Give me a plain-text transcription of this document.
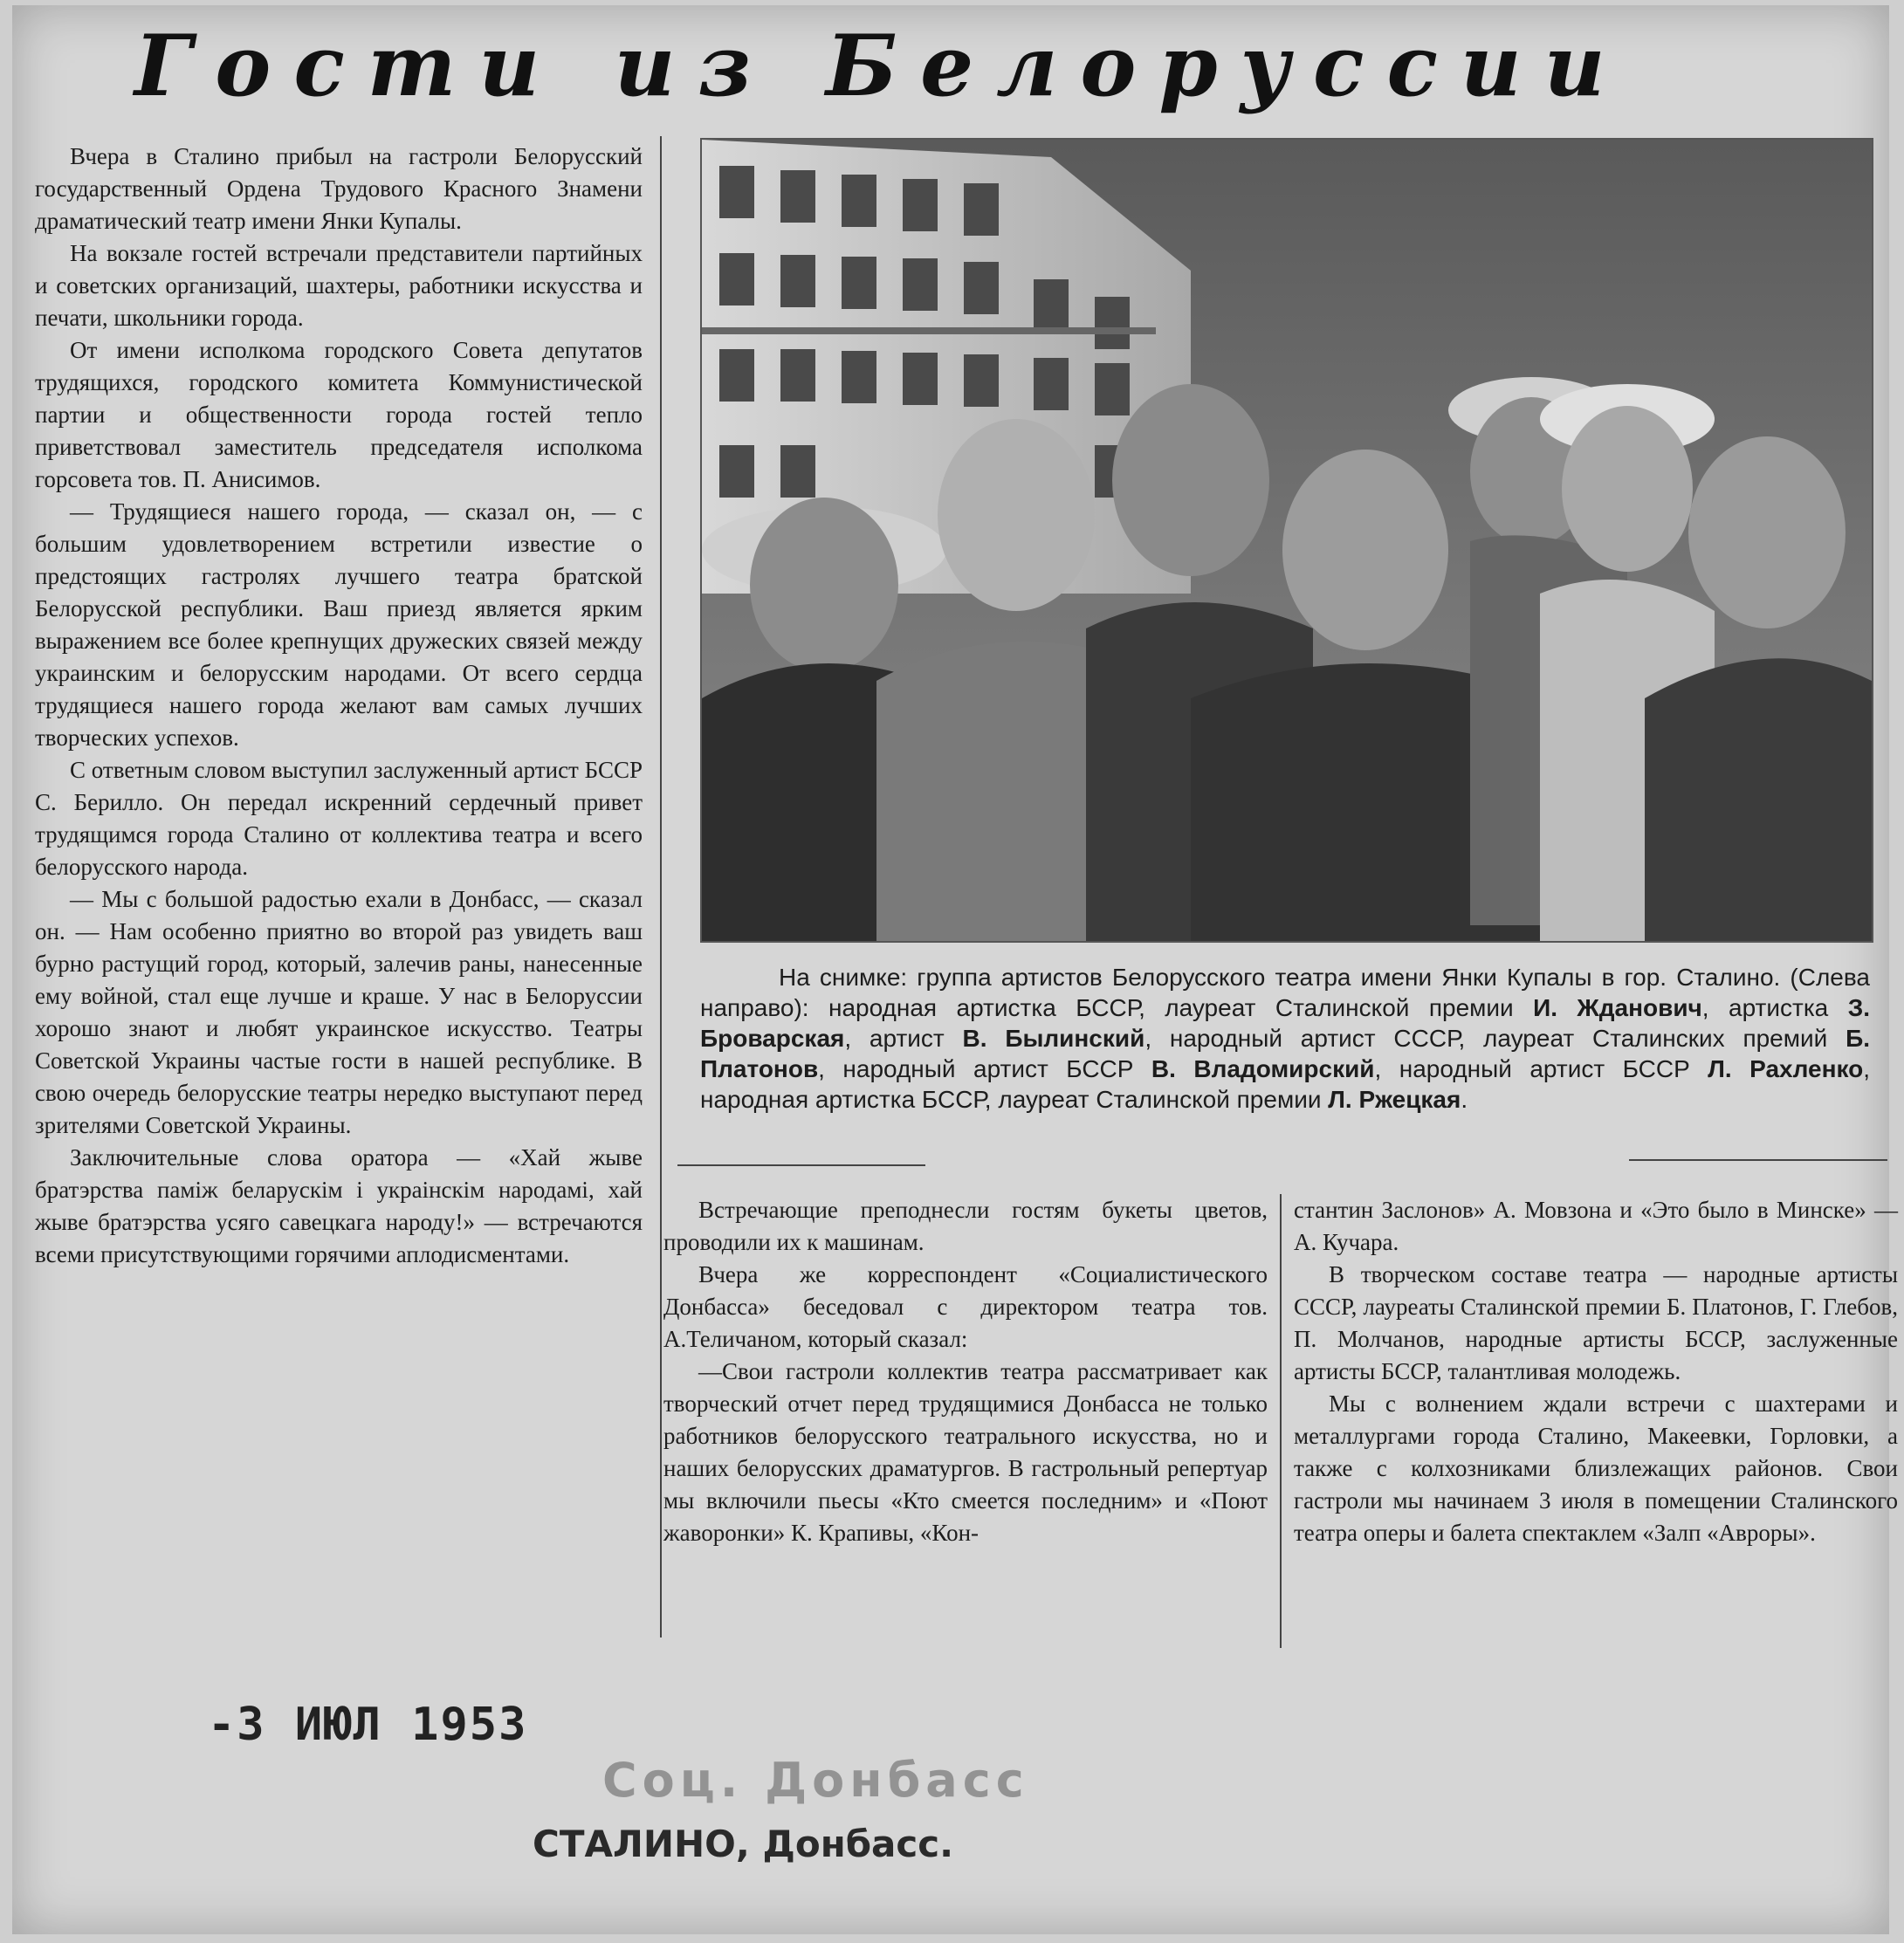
Гости из Белоруссии

Вчера в Сталино прибыл на гастроли Белорусский государственный Ордена Трудового Красного Знамени драматический театр имени Янки Купалы.

На вокзале гостей встречали представители партийных и советских организаций, шахтеры, работники искусства и печати, школьники города.

От имени исполкома городского Совета депутатов трудящихся, городского комитета Коммунистической партии и общественности города гостей тепло приветствовал заместитель председателя исполкома горсовета тов. П. Анисимов.

— Трудящиеся нашего города, — сказал он, — с большим удовлетворением встретили известие о предстоящих гастролях лучшего театра братской Белорусской республики. Ваш приезд является ярким выражением все более крепнущих дружеских связей между украинским и белорусским народами. От всего сердца трудящиеся нашего города желают вам самых лучших творческих успехов.

С ответным словом выступил заслуженный артист БССР С. Берилло. Он передал искренний сердечный привет трудящимся города Сталино от коллектива театра и всего белорусского народа.

— Мы с большой радостью ехали в Донбасс, — сказал он. — Нам особенно приятно во второй раз увидеть ваш бурно растущий город, который, залечив раны, нанесенные ему войной, стал еще лучше и краше. У нас в Белоруссии хорошо знают и любят украинское искусство. Театры Советской Украины частые гости в нашей республике. В свою очередь белорусские театры нередко выступают перед зрителями Советской Украины.

Заключительные слова оратора — «Хай жыве братэрства паміж беларускім і украінскім народамі, хай жыве братэрства усяго савецкага народу!» — встречаются всеми присутствующими горячими аплодисментами.

На снимке: группа артистов Белорусского театра имени Янки Купалы в гор. Сталино. (Слева направо): народная артистка БССР, лауреат Сталинской премии И. Жданович, артистка З. Броварская, артист В. Былинский, народный артист СССР, лауреат Сталинских премий Б. Платонов, народный артист БССР В. Владомирский, народный артист БССР Л. Рахленко, народная артистка БССР, лауреат Сталинской премии Л. Ржецкая.

Встречающие преподнесли гостям букеты цветов, проводили их к машинам.

Вчера же корреспондент «Социалистического Донбасса» беседовал с директором театра тов. А.Теличаном, который сказал:

—Свои гастроли коллектив театра рассматривает как творческий отчет перед трудящимися Донбасса не только работников белорусского театрального искусства, но и наших белорусских драматургов. В гастрольный репертуар мы включили пьесы «Кто смеется последним» и «Поют жаворонки» К. Крапивы, «Кон-

стантин Заслонов» А. Мовзона и «Это было в Минске» — А. Кучара.

В творческом составе театра — народные артисты СССР, лауреаты Сталинской премии Б. Платонов, Г. Глебов, П. Молчанов, народные артисты БССР, заслуженные артисты БССР, талантливая молодежь.

Мы с волнением ждали встречи с шахтерами и металлургами города Сталино, Макеевки, Горловки, а также с колхозниками близлежащих районов. Свои гастроли мы начинаем 3 июля в помещении Сталинского театра оперы и балета спектаклем «Залп «Авроры».

-3 ИЮЛ 1953
Соц. Донбасс
СТАЛИНО, Донбасс.
